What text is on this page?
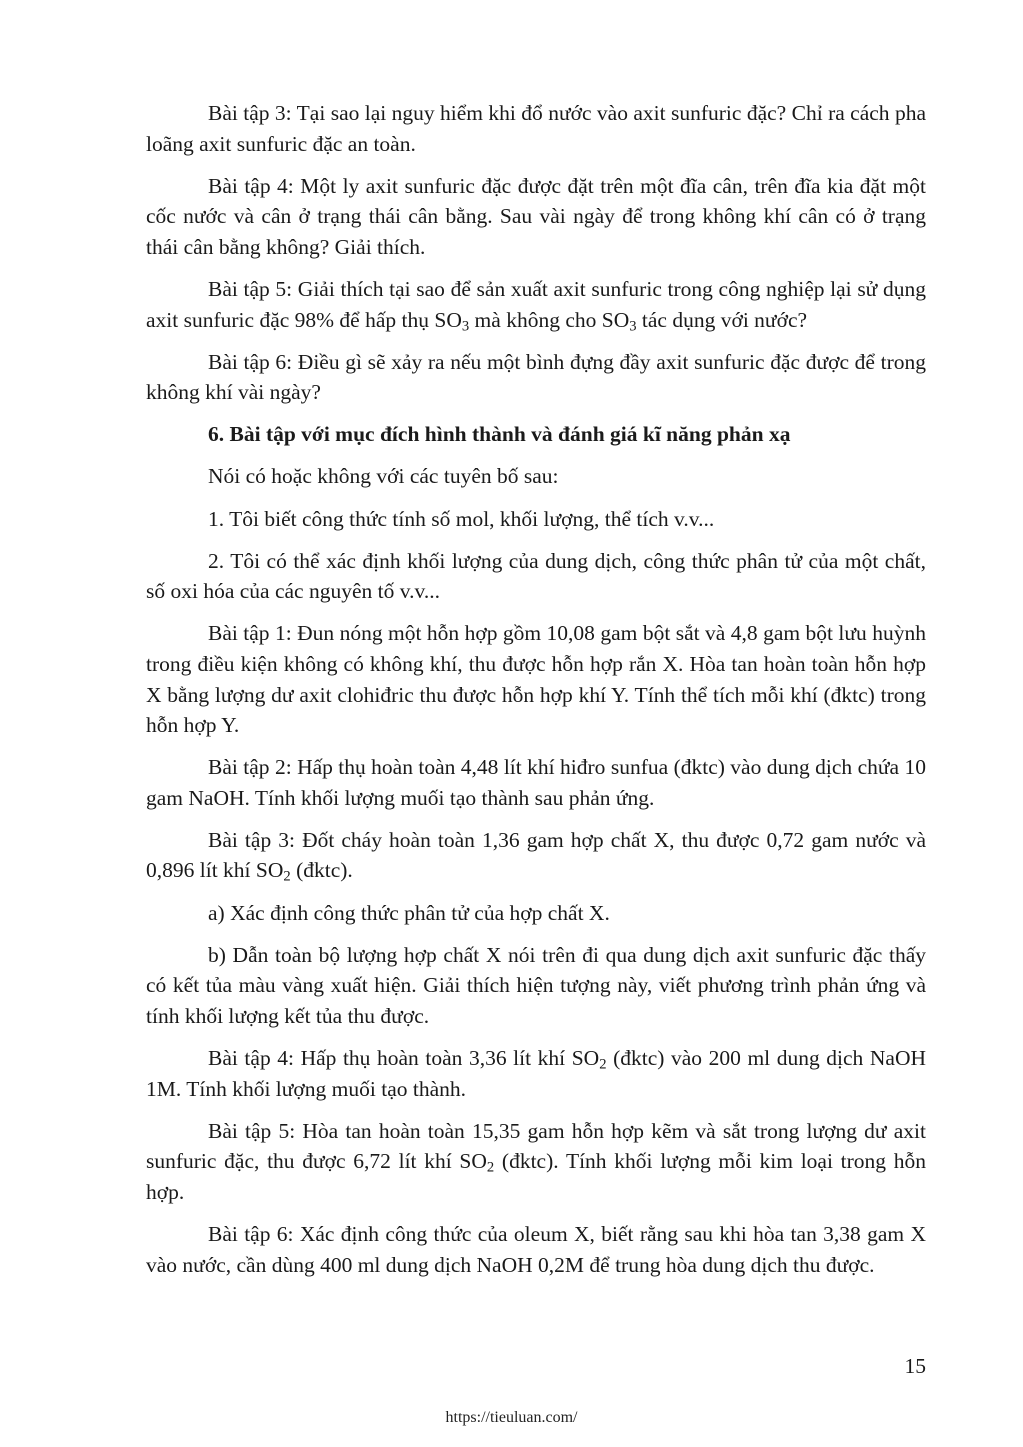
Bài tập 3: Tại sao lại nguy hiểm khi đổ nước vào axit sunfuric đặc? Chỉ ra cách pha loãng axit sunfuric đặc an toàn.

Bài tập 4: Một ly axit sunfuric đặc được đặt trên một đĩa cân, trên đĩa kia đặt một cốc nước và cân ở trạng thái cân bằng. Sau vài ngày để trong không khí cân có ở trạng thái cân bằng không? Giải thích.

Bài tập 5: Giải thích tại sao để sản xuất axit sunfuric trong công nghiệp lại sử dụng axit sunfuric đặc 98% để hấp thụ $SO_3$ mà không cho $SO_3$ tác dụng với nước?

Bài tập 6: Điều gì sẽ xảy ra nếu một bình đựng đầy axit sunfuric đặc được để trong không khí vài ngày?

6. Bài tập với mục đích hình thành và đánh giá kĩ năng phản xạ

Nói có hoặc không với các tuyên bố sau:

1. Tôi biết công thức tính số mol, khối lượng, thể tích v.v...

2. Tôi có thể xác định khối lượng của dung dịch, công thức phân tử của một chất, số oxi hóa của các nguyên tố v.v...

Bài tập 1: Đun nóng một hỗn hợp gồm 10,08 gam bột sắt và 4,8 gam bột lưu huỳnh trong điều kiện không có không khí, thu được hỗn hợp rắn X. Hòa tan hoàn toàn hỗn hợp X bằng lượng dư axit clohiđric thu được hỗn hợp khí Y. Tính thể tích mỗi khí (đktc) trong hỗn hợp Y.

Bài tập 2: Hấp thụ hoàn toàn 4,48 lít khí hiđro sunfua (đktc) vào dung dịch chứa 10 gam NaOH. Tính khối lượng muối tạo thành sau phản ứng.

Bài tập 3: Đốt cháy hoàn toàn 1,36 gam hợp chất X, thu được 0,72 gam nước và 0,896 lít khí $SO_2$ (đktc).

a) Xác định công thức phân tử của hợp chất X.

b) Dẫn toàn bộ lượng hợp chất X nói trên đi qua dung dịch axit sunfuric đặc thấy có kết tủa màu vàng xuất hiện. Giải thích hiện tượng này, viết phương trình phản ứng và tính khối lượng kết tủa thu được.

Bài tập 4: Hấp thụ hoàn toàn 3,36 lít khí $SO_2$ (đktc) vào 200 ml dung dịch NaOH 1M. Tính khối lượng muối tạo thành.

Bài tập 5: Hòa tan hoàn toàn 15,35 gam hỗn hợp kẽm và sắt trong lượng dư axit sunfuric đặc, thu được 6,72 lít khí $SO_2$ (đktc). Tính khối lượng mỗi kim loại trong hỗn hợp.

Bài tập 6: Xác định công thức của oleum X, biết rằng sau khi hòa tan 3,38 gam X vào nước, cần dùng 400 ml dung dịch NaOH 0,2M để trung hòa dung dịch thu được.

15
https://tieuluan.com/
